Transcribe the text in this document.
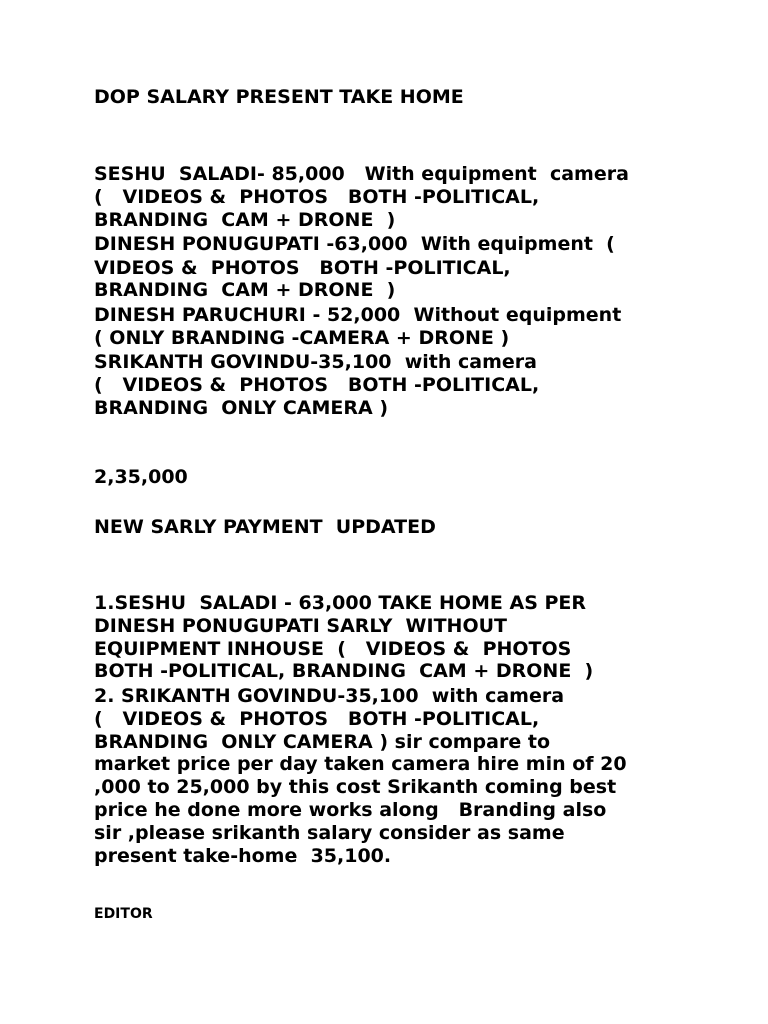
DOP SALARY PRESENT TAKE HOME

SESHU  SALADI- 85,000   With equipment  camera

(   VIDEOS &  PHOTOS   BOTH -POLITICAL,

BRANDING  CAM + DRONE  )

DINESH PONUGUPATI -63,000  With equipment  (

VIDEOS &  PHOTOS   BOTH -POLITICAL,

BRANDING  CAM + DRONE  )

DINESH PARUCHURI - 52,000  Without equipment

( ONLY BRANDING -CAMERA + DRONE )

SRIKANTH GOVINDU-35,100  with camera

(   VIDEOS &  PHOTOS   BOTH -POLITICAL,

BRANDING  ONLY CAMERA )

2,35,000

NEW SARLY PAYMENT  UPDATED

1.SESHU  SALADI - 63,000 TAKE HOME AS PER

DINESH PONUGUPATI SARLY  WITHOUT

EQUIPMENT INHOUSE  (   VIDEOS &  PHOTOS

BOTH -POLITICAL, BRANDING  CAM + DRONE  )

2. SRIKANTH GOVINDU-35,100  with camera

(   VIDEOS &  PHOTOS   BOTH -POLITICAL,

BRANDING  ONLY CAMERA ) sir compare to

market price per day taken camera hire min of 20

,000 to 25,000 by this cost Srikanth coming best

price he done more works along   Branding also

sir ,please srikanth salary consider as same

present take-home  35,100.

EDITOR
